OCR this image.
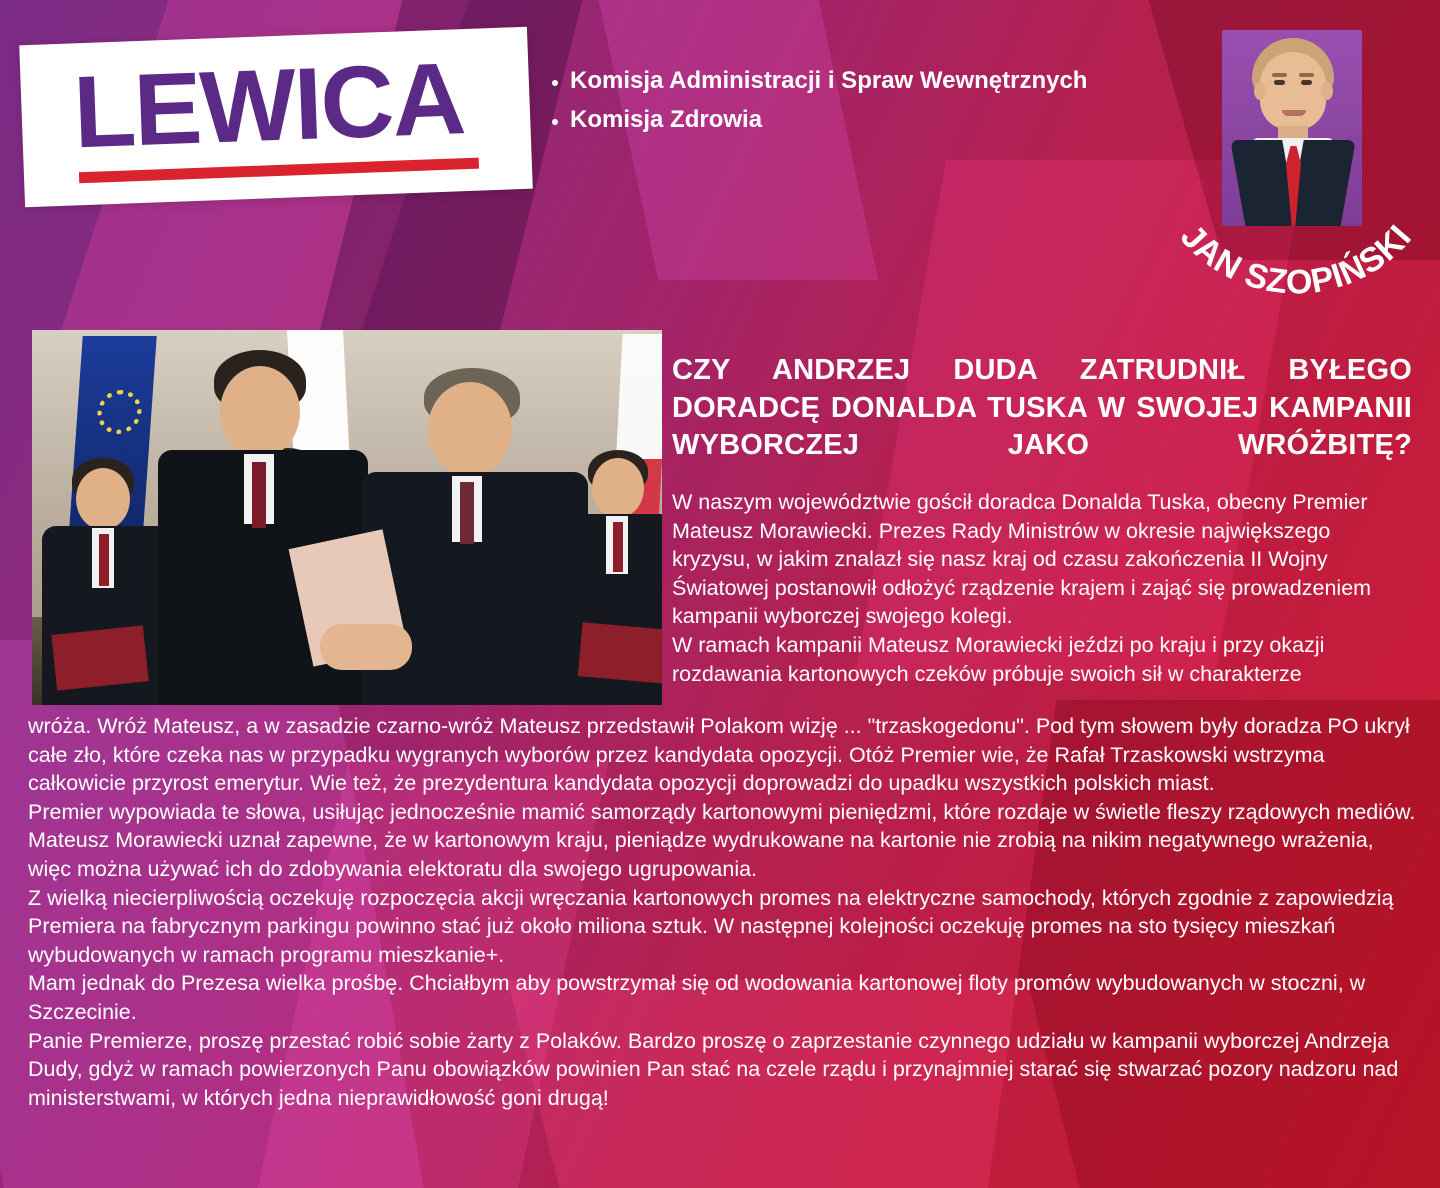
LEWICA	• Komisja Administracji i Spraw Wewnętrznych
• Komisja Zdrowia
JAN SZOPIŃSKI
CZY ANDRZEJ DUDA ZATRUDNIŁ BYŁEGO DORADCĘ DONALDA TUSKA W SWOJEJ KAMPANII WYBORCZEJ JAKO WRÓŻBITĘ?

W naszym województwie gościł doradca Donalda Tuska, obecny Premier Mateusz Morawiecki. Prezes Rady Ministrów w okresie największego kryzysu, w jakim znalazł się nasz kraj od czasu zakończenia II Wojny Światowej postanowił odłożyć rządzenie krajem i zająć się prowadzeniem kampanii wyborczej swojego kolegi.

W ramach kampanii Mateusz Morawiecki jeździ po kraju i przy okazji rozdawania kartonowych czeków próbuje swoich sił w charakterze

wróża. Wróż Mateusz, a w zasadzie czarno-wróż Mateusz przedstawił Polakom wizję ... "trzaskogedonu". Pod tym słowem były doradza PO ukrył całe zło, które czeka nas w przypadku wygranych wyborów przez kandydata opozycji. Otóż Premier wie, że Rafał Trzaskowski wstrzyma całkowicie przyrost emerytur. Wie też, że prezydentura kandydata opozycji doprowadzi do upadku wszystkich polskich miast.

Premier wypowiada te słowa, usiłując jednocześnie mamić samorządy kartonowymi pieniędzmi, które rozdaje w świetle fleszy rządowych mediów. Mateusz Morawiecki uznał zapewne, że w kartonowym kraju, pieniądze wydrukowane na kartonie nie zrobią na nikim negatywnego wrażenia, więc można używać ich do zdobywania elektoratu dla swojego ugrupowania.

Z wielką niecierpliwością oczekuję rozpoczęcia akcji wręczania kartonowych promes na elektryczne samochody, których zgodnie z zapowiedzią Premiera na fabrycznym parkingu powinno stać już około miliona sztuk. W następnej kolejności oczekuję promes na sto tysięcy mieszkań wybudowanych w ramach programu mieszkanie+.

Mam jednak do Prezesa wielka prośbę. Chciałbym aby powstrzymał się od wodowania kartonowej floty promów wybudowanych w stoczni, w Szczecinie.

Panie Premierze, proszę przestać robić sobie żarty z Polaków. Bardzo proszę o zaprzestanie czynnego udziału w kampanii wyborczej Andrzeja Dudy, gdyż w ramach powierzonych Panu obowiązków powinien Pan stać na czele rządu i przynajmniej starać się stwarzać pozory nadzoru nad ministerstwami, w których jedna nieprawidłowość goni drugą!
